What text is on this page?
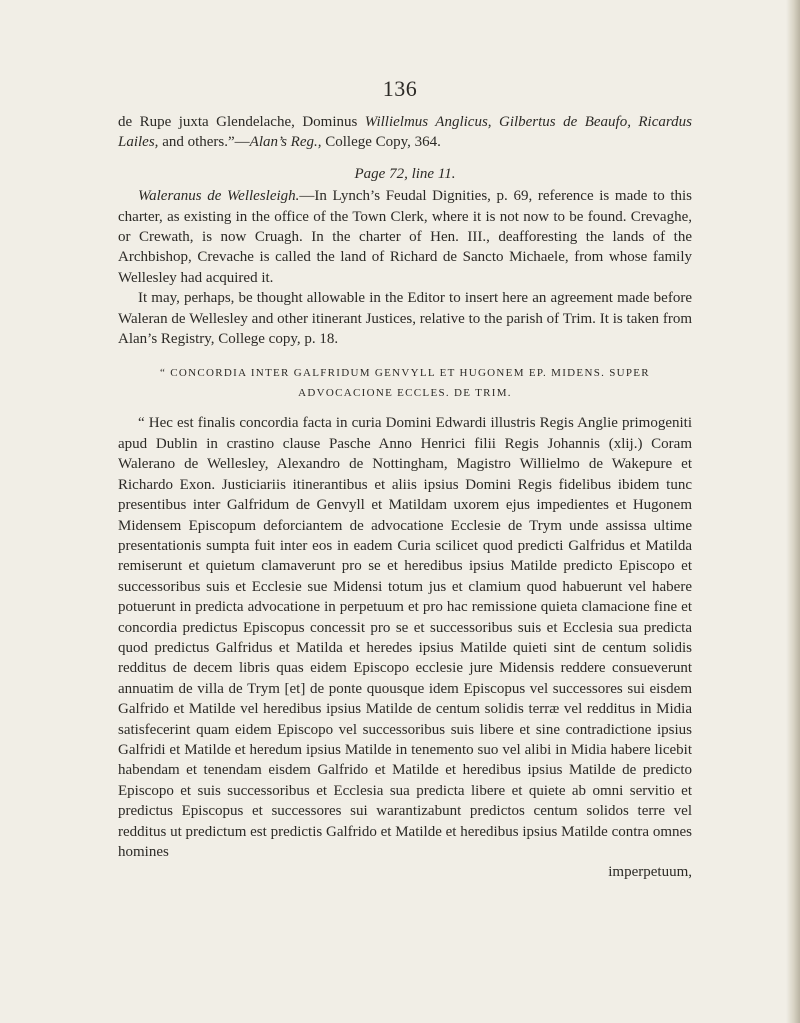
136

de Rupe juxta Glendelache, Dominus Willielmus Anglicus, Gilbertus de Beaufo, Ricardus Lailes, and others.”—Alan’s Reg., College Copy, 364.

Page 72, line 11.

Waleranus de Wellesleigh.—In Lynch’s Feudal Dignities, p. 69, reference is made to this charter, as existing in the office of the Town Clerk, where it is not now to be found. Crevaghe, or Crewath, is now Cruagh. In the charter of Hen. III., deafforesting the lands of the Archbishop, Crevache is called the land of Richard de Sancto Michaele, from whose family Wellesley had acquired it.

It may, perhaps, be thought allowable in the Editor to insert here an agreement made before Waleran de Wellesley and other itinerant Justices, relative to the parish of Trim. It is taken from Alan’s Registry, College copy, p. 18.

“ CONCORDIA INTER GALFRIDUM GENVYLL ET HUGONEM EP. MIDENS. SUPER ADVOCACIONE ECCLES. DE TRIM.

“ Hec est finalis concordia facta in curia Domini Edwardi illustris Regis Anglie primogeniti apud Dublin in crastino clause Pasche Anno Henrici filii Regis Johannis (xlij.) Coram Walerano de Wellesley, Alexandro de Nottingham, Magistro Willielmo de Wakepure et Richardo Exon. Justiciariis itinerantibus et aliis ipsius Domini Regis fidelibus ibidem tunc presentibus inter Galfridum de Genvyll et Matildam uxorem ejus impedientes et Hugonem Midensem Episcopum deforciantem de advocatione Ecclesie de Trym unde assissa ultime presentationis sumpta fuit inter eos in eadem Curia scilicet quod predicti Galfridus et Matilda remiserunt et quietum clamaverunt pro se et heredibus ipsius Matilde predicto Episcopo et successoribus suis et Ecclesie sue Midensi totum jus et clamium quod habuerunt vel habere potuerunt in predicta advocatione in perpetuum et pro hac remissione quieta clamacione fine et concordia predictus Episcopus concessit pro se et successoribus suis et Ecclesia sua predicta quod predictus Galfridus et Matilda et heredes ipsius Matilde quieti sint de centum solidis redditus de decem libris quas eidem Episcopo ecclesie jure Midensis reddere consueverunt annuatim de villa de Trym [et] de ponte quousque idem Episcopus vel successores sui eisdem Galfrido et Matilde vel heredibus ipsius Matilde de centum solidis terræ vel redditus in Midia satisfecerint quam eidem Episcopo vel successoribus suis libere et sine contradictione ipsius Galfridi et Matilde et heredum ipsius Matilde in tenemento suo vel alibi in Midia habere licebit habendam et tenendam eisdem Galfrido et Matilde et heredibus ipsius Matilde de predicto Episcopo et suis successoribus et Ecclesia sua predicta libere et quiete ab omni servitio et predictus Episcopus et successores sui warantizabunt predictos centum solidos terre vel redditus ut predictum est predictis Galfrido et Matilde et heredibus ipsius Matilde contra omnes homines

imperpetuum,
